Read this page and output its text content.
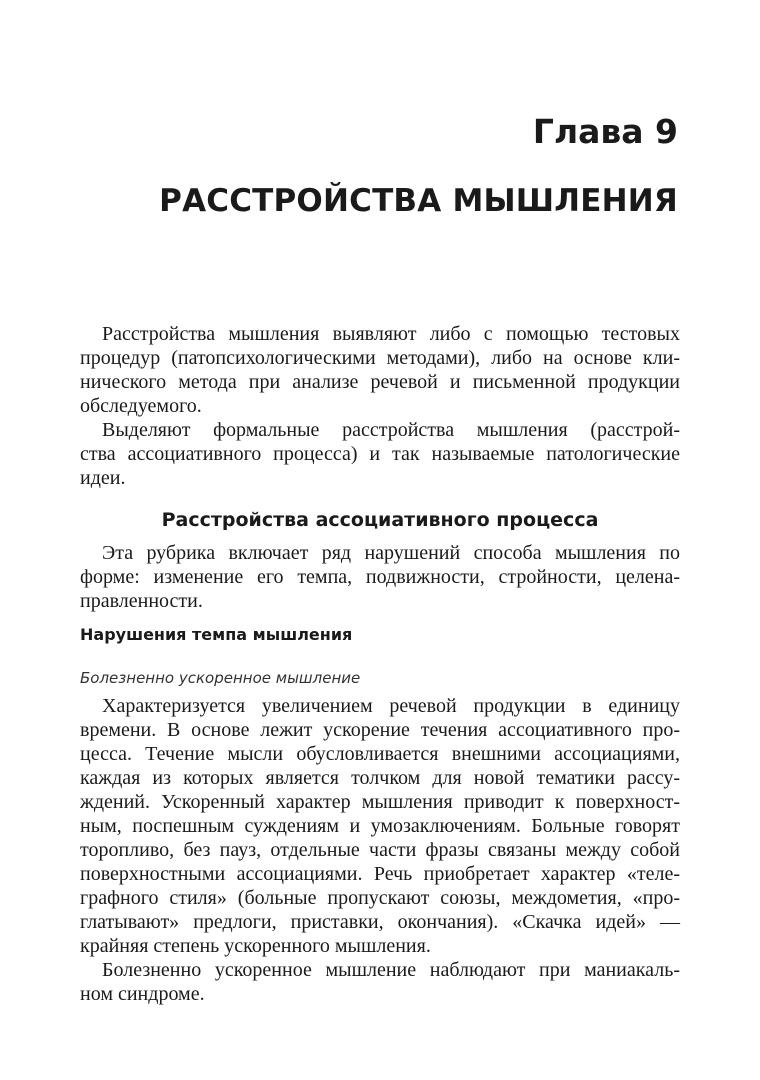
Глава 9
РАССТРОЙСТВА МЫШЛЕНИЯ
Расстройства мышления выявляют либо с помощью тестовых
процедур (патопсихологическими методами), либо на основе кли-
нического метода при анализе речевой и письменной продукции
обследуемого.
Выделяют формальные расстройства мышления (расстрой-
ства ассоциативного процесса) и так называемые патологические
идеи.
Расстройства ассоциативного процесса
Эта рубрика включает ряд нарушений способа мышления по
форме: изменение его темпа, подвижности, стройности, целена-
правленности.
Нарушения темпа мышления
Болезненно ускоренное мышление
Характеризуется увеличением речевой продукции в единицу
времени. В основе лежит ускорение течения ассоциативного про-
цесса. Течение мысли обусловливается внешними ассоциациями,
каждая из которых является толчком для новой тематики рассу-
ждений. Ускоренный характер мышления приводит к поверхност-
ным, поспешным суждениям и умозаключениям. Больные говорят
торопливо, без пауз, отдельные части фразы связаны между собой
поверхностными ассоциациями. Речь приобретает характер «теле-
графного стиля» (больные пропускают союзы, междометия, «про-
глатывают» предлоги, приставки, окончания). «Скачка идей» —
крайняя степень ускоренного мышления.
Болезненно ускоренное мышление наблюдают при маниакаль-
ном синдроме.
